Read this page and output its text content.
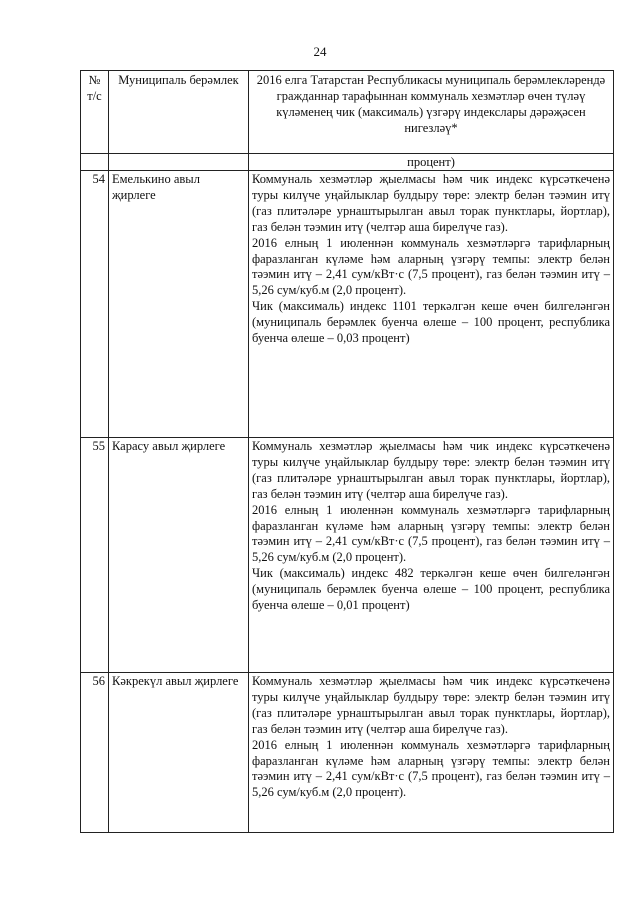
24
№ т/с	Муниципаль берәмлек	2016 елга Татарстан Республикасы муниципаль берәмлекләрендә гражданнар тарафыннан коммуналь хезмәтләр өчен түләү күләменең чик (максималь) үзгәрү индекслары дәрәҗәсен нигезләү*
		процент)
54	Емелькино авыл җирлеге	Коммуналь хезмәтләр җыелмасы һәм чик индекс күрсәткеченә туры килүче уңайлыклар булдыру төре: электр белән тәэмин итү (газ плитәләре урнаштырылган авыл торак пунктлары, йортлар), газ белән тәэмин итү (челтәр аша бирелүче газ).

2016 елның 1 июленнән коммуналь хезмәтләргә тарифларның фаразланган күләме һәм аларның үзгәрү темпы: электр белән тәэмин итү – 2,41 сум/кВт·с (7,5 процент), газ белән тәэмин итү – 5,26 сум/куб.м (2,0 процент).

Чик (максималь) индекс 1101 теркәлгән кеше өчен билгеләнгән (муниципаль берәмлек буенча өлеше – 100 процент, республика буенча өлеше – 0,03 процент)

55	Карасу авыл җирлеге	Коммуналь хезмәтләр җыелмасы һәм чик индекс күрсәткеченә туры килүче уңайлыклар булдыру төре: электр белән тәэмин итү (газ плитәләре урнаштырылган авыл торак пунктлары, йортлар), газ белән тәэмин итү (челтәр аша бирелүче газ).

2016 елның 1 июленнән коммуналь хезмәтләргә тарифларның фаразланган күләме һәм аларның үзгәрү темпы: электр белән тәэмин итү – 2,41 сум/кВт·с (7,5 процент), газ белән тәэмин итү – 5,26 сум/куб.м (2,0 процент).

Чик (максималь) индекс 482 теркәлгән кеше өчен билгеләнгән (муниципаль берәмлек буенча өлеше – 100 процент, республика буенча өлеше – 0,01 процент)

56	Кәкрекүл авыл җирлеге	Коммуналь хезмәтләр җыелмасы һәм чик индекс күрсәткеченә туры килүче уңайлыклар булдыру төре: электр белән тәэмин итү (газ плитәләре урнаштырылган авыл торак пунктлары, йортлар), газ белән тәэмин итү (челтәр аша бирелүче газ).

2016 елның 1 июленнән коммуналь хезмәтләргә тарифларның фаразланган күләме һәм аларның үзгәрү темпы: электр белән тәэмин итү – 2,41 сум/кВт·с (7,5 процент), газ белән тәэмин итү – 5,26 сум/куб.м (2,0 процент).
